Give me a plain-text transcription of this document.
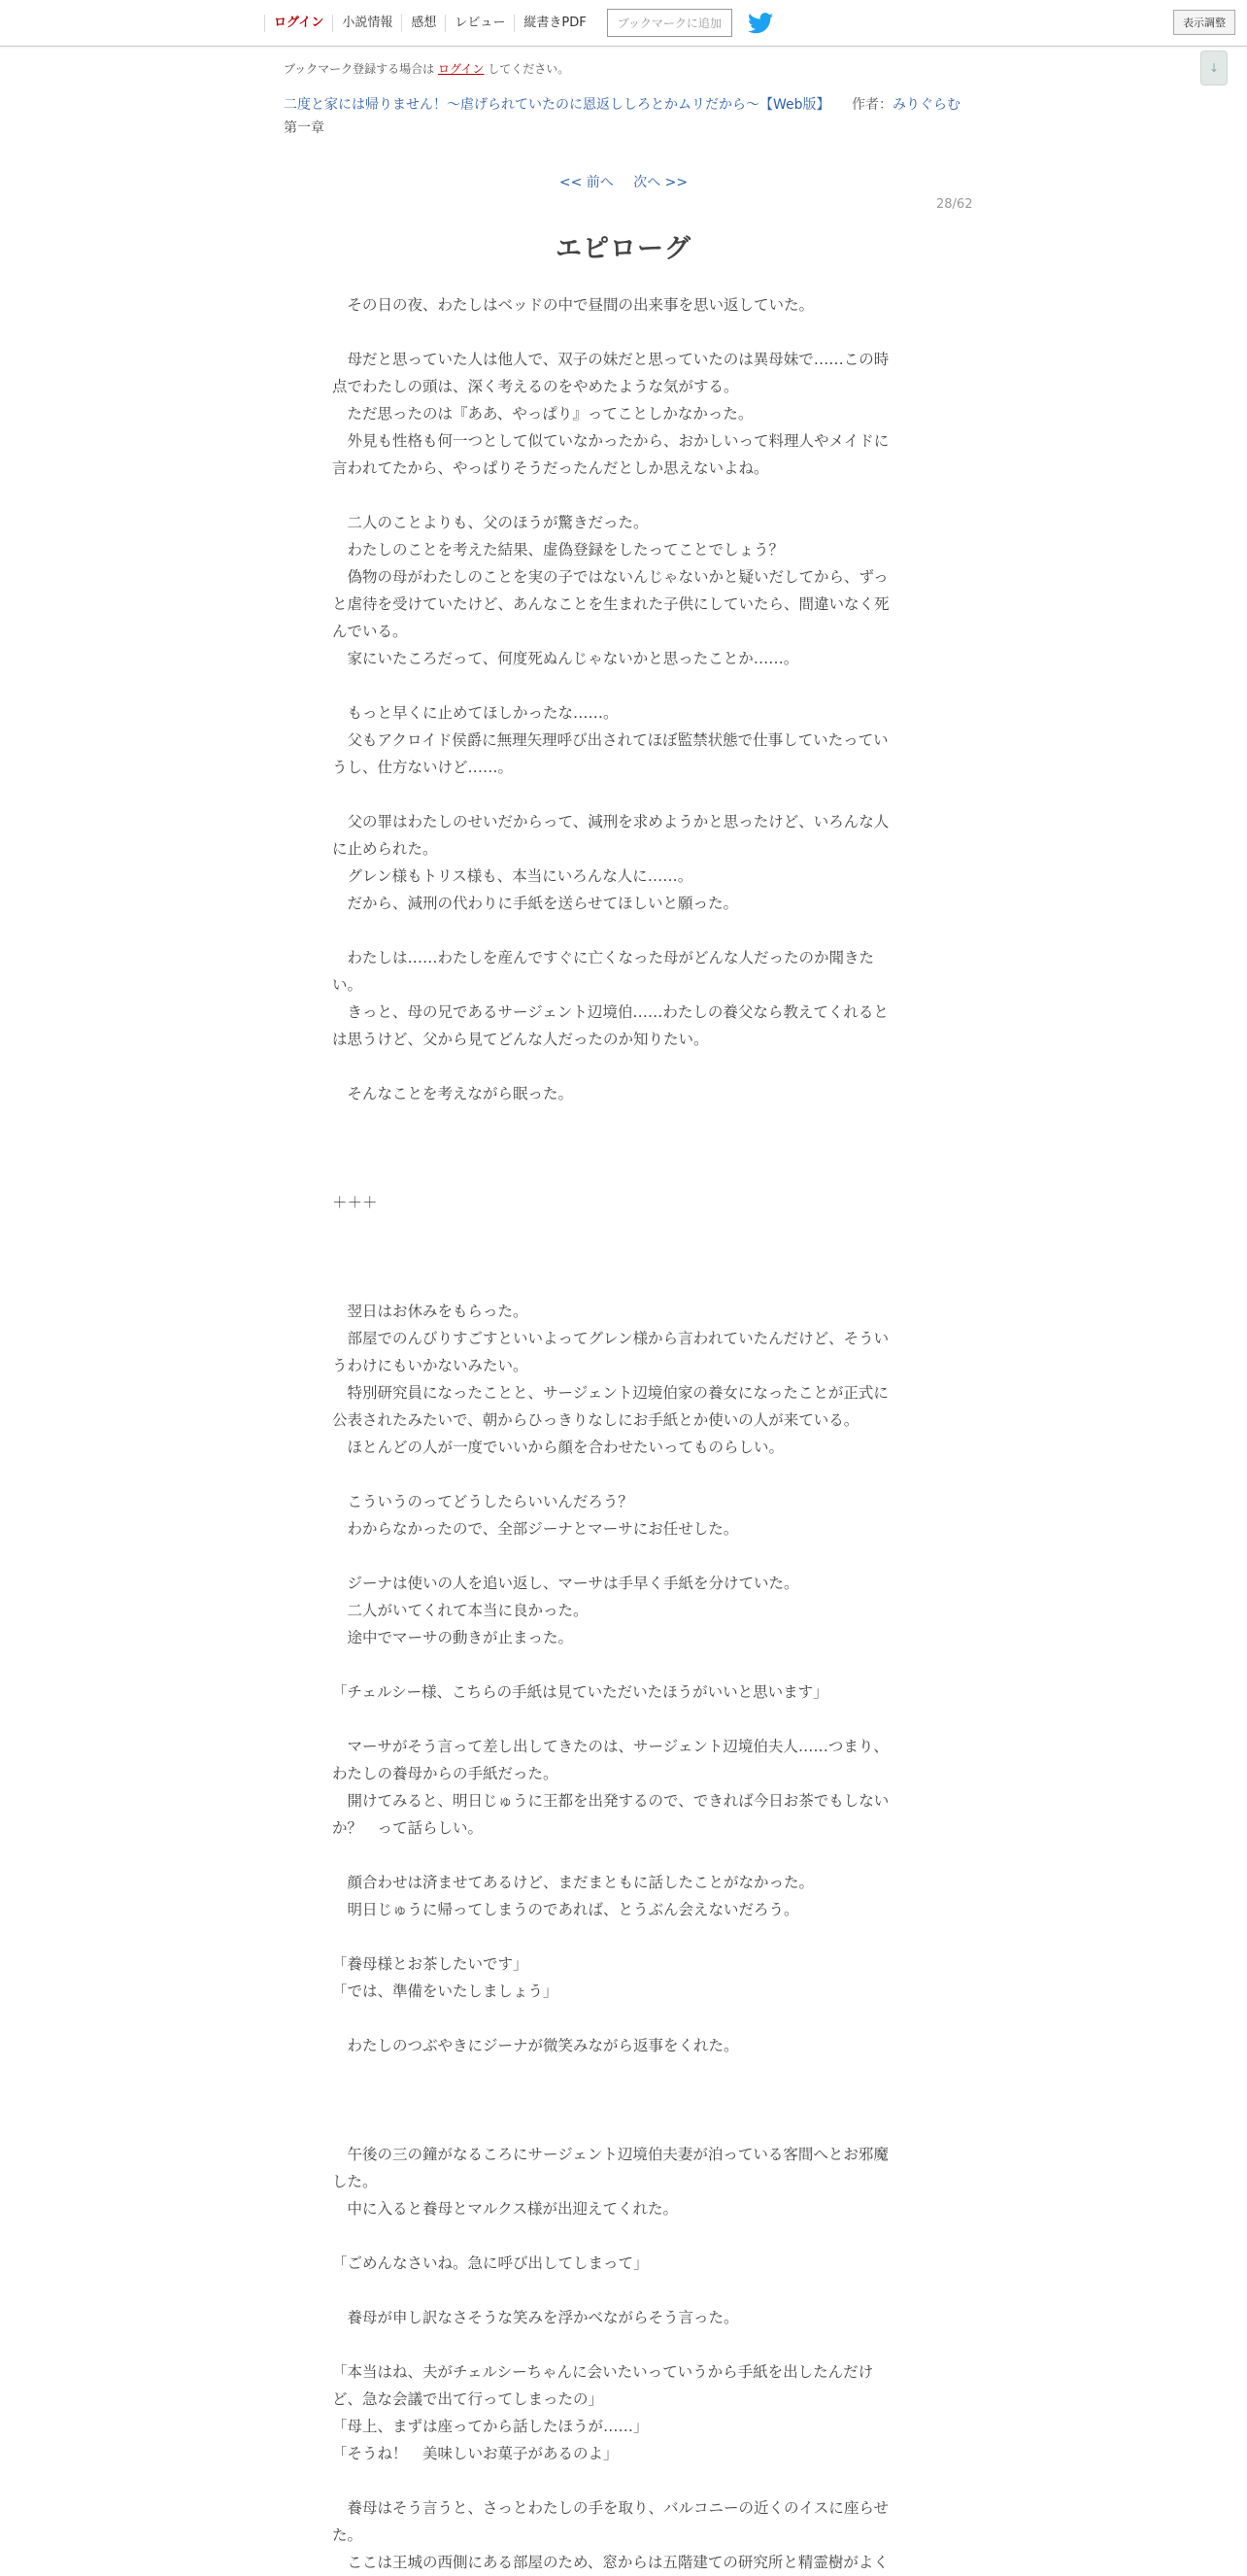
ログイン	小説情報	感想	レビュー	縦書きPDF	ブックマークに追加	表示調整
↓
ブックマーク登録する場合は ログイン してください。
二度と家には帰りません！～虐げられていたのに恩返ししろとかムリだから～【Web版】 作者：みりぐらむ
第一章
<< 前へ 次へ >>
28/62
エピローグ

　その日の夜、わたしはベッドの中で昼間の出来事を思い返していた。

　母だと思っていた人は他人で、双子の妹だと思っていたのは異母妹で……この時

点でわたしの頭は、深く考えるのをやめたような気がする。

　ただ思ったのは『ああ、やっぱり』ってことしかなかった。

　外見も性格も何一つとして似ていなかったから、おかしいって料理人やメイドに

言われてたから、やっぱりそうだったんだとしか思えないよね。

　二人のことよりも、父のほうが驚きだった。

　わたしのことを考えた結果、虚偽登録をしたってことでしょう？

　偽物の母がわたしのことを実の子ではないんじゃないかと疑いだしてから、ずっ

と虐待を受けていたけど、あんなことを生まれた子供にしていたら、間違いなく死

んでいる。

　家にいたころだって、何度死ぬんじゃないかと思ったことか……。

　もっと早くに止めてほしかったな……。

　父もアクロイド侯爵に無理矢理呼び出されてほぼ監禁状態で仕事していたってい

うし、仕方ないけど……。

　父の罪はわたしのせいだからって、減刑を求めようかと思ったけど、いろんな人

に止められた。

　グレン様もトリス様も、本当にいろんな人に……。

　だから、減刑の代わりに手紙を送らせてほしいと願った。

　わたしは……わたしを産んですぐに亡くなった母がどんな人だったのか聞きた

い。

　きっと、母の兄であるサージェント辺境伯……わたしの養父なら教えてくれると

は思うけど、父から見てどんな人だったのか知りたい。

　そんなことを考えながら眠った。

＋＋＋

　翌日はお休みをもらった。

　部屋でのんびりすごすといいよってグレン様から言われていたんだけど、そうい

うわけにもいかないみたい。

　特別研究員になったことと、サージェント辺境伯家の養女になったことが正式に

公表されたみたいで、朝からひっきりなしにお手紙とか使いの人が来ている。

　ほとんどの人が一度でいいから顔を合わせたいってものらしい。

　こういうのってどうしたらいいんだろう？

　わからなかったので、全部ジーナとマーサにお任せした。

　ジーナは使いの人を追い返し、マーサは手早く手紙を分けていた。

　二人がいてくれて本当に良かった。

　途中でマーサの動きが止まった。

「チェルシー様、こちらの手紙は見ていただいたほうがいいと思います」

　マーサがそう言って差し出してきたのは、サージェント辺境伯夫人……つまり、

わたしの養母からの手紙だった。

　開けてみると、明日じゅうに王都を出発するので、できれば今日お茶でもしない

か？　って話らしい。

　顔合わせは済ませてあるけど、まだまともに話したことがなかった。

　明日じゅうに帰ってしまうのであれば、とうぶん会えないだろう。

「養母様とお茶したいです」

「では、準備をいたしましょう」

　わたしのつぶやきにジーナが微笑みながら返事をくれた。

　午後の三の鐘がなるころにサージェント辺境伯夫妻が泊っている客間へとお邪魔

した。

　中に入ると養母とマルクス様が出迎えてくれた。

「ごめんなさいね。急に呼び出してしまって」

　養母が申し訳なさそうな笑みを浮かべながらそう言った。

「本当はね、夫がチェルシーちゃんに会いたいっていうから手紙を出したんだけ

ど、急な会議で出て行ってしまったの」

「母上、まずは座ってから話したほうが……」

「そうね！　美味しいお菓子があるのよ」

　養母はそう言うと、さっとわたしの手を取り、バルコニーの近くのイスに座らせ

た。

　ここは王城の西側にある部屋のため、窓からは五階建ての研究所と精霊樹がよく
